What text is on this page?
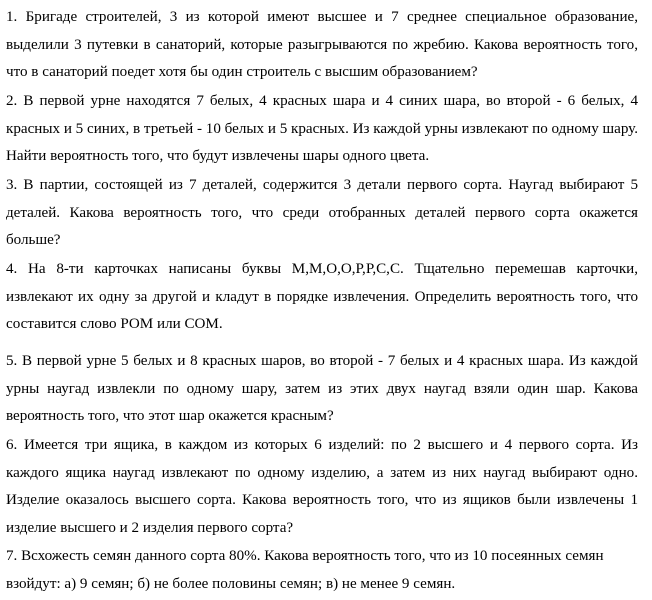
1. Бригаде строителей, 3 из которой имеют высшее и 7 среднее специальное образование, выделили 3 путевки в санаторий, которые разыгрываются по жребию. Какова вероятность того, что в санаторий поедет хотя бы один строитель с высшим образованием?

2. В первой урне находятся 7 белых, 4 красных шара и 4 синих шара, во второй - 6 белых, 4 красных и 5 синих, в третьей - 10 белых и 5 красных. Из каждой урны извлекают по одному шару. Найти вероятность того, что будут извлечены шары одного цвета.

3. В партии, состоящей из 7 деталей, содержится 3 детали первого сорта. Наугад выбирают 5 деталей. Какова вероятность того, что среди отобранных деталей первого сорта окажется больше?

4. На 8-ти карточках написаны буквы М,М,О,О,Р,Р,С,С. Тщательно перемешав карточки, извлекают их одну за другой и кладут в порядке извлечения. Определить вероятность того, что составится слово РОМ или СОМ.

5. В первой урне 5 белых и 8 красных шаров, во второй - 7 белых и 4 красных шара. Из каждой урны наугад извлекли по одному шару, затем из этих двух наугад взяли один шар. Какова вероятность того, что этот шар окажется красным?

6. Имеется три ящика, в каждом из которых 6 изделий: по 2 высшего и 4 первого сорта. Из каждого ящика наугад извлекают по одному изделию, а затем из них наугад выбирают одно. Изделие оказалось высшего сорта. Какова вероятность того, что из ящиков были извлечены 1 изделие высшего и 2 изделия первого сорта?

7. Всхожесть семян данного сорта 80%. Какова вероятность того, что из 10 посеянных семян взойдут: а) 9 семян; б) не более половины семян; в) не менее 9 семян.
